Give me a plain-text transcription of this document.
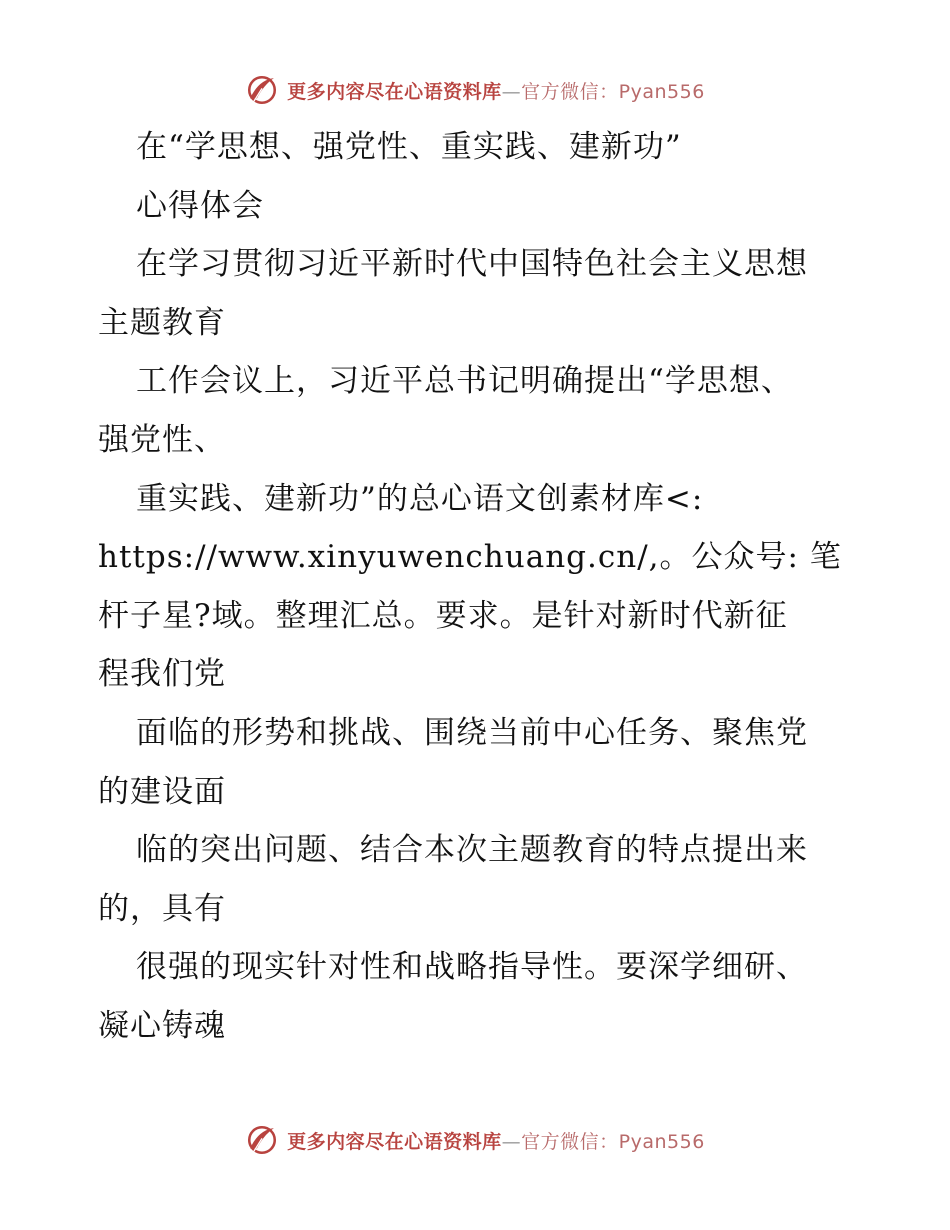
更多内容尽在心语资料库—官方微信：Pyan556
在“学思想、强党性、重实践、建新功”
心得体会
在学习贯彻习近平新时代中国特色社会主义思想
主题教育
工作会议上，习近平总书记明确提出“学思想、
强党性、
重实践、建新功”的总心语文创素材库<:
https://www.xinyuwenchuang.cn/,。公众号: 笔
杆子星?域。整理汇总。要求。是针对新时代新征
程我们党
面临的形势和挑战、围绕当前中心任务、聚焦党
的建设面
临的突出问题、结合本次主题教育的特点提出来
的，具有
很强的现实针对性和战略指导性。要深学细研、
凝心铸魂
更多内容尽在心语资料库—官方微信：Pyan556
